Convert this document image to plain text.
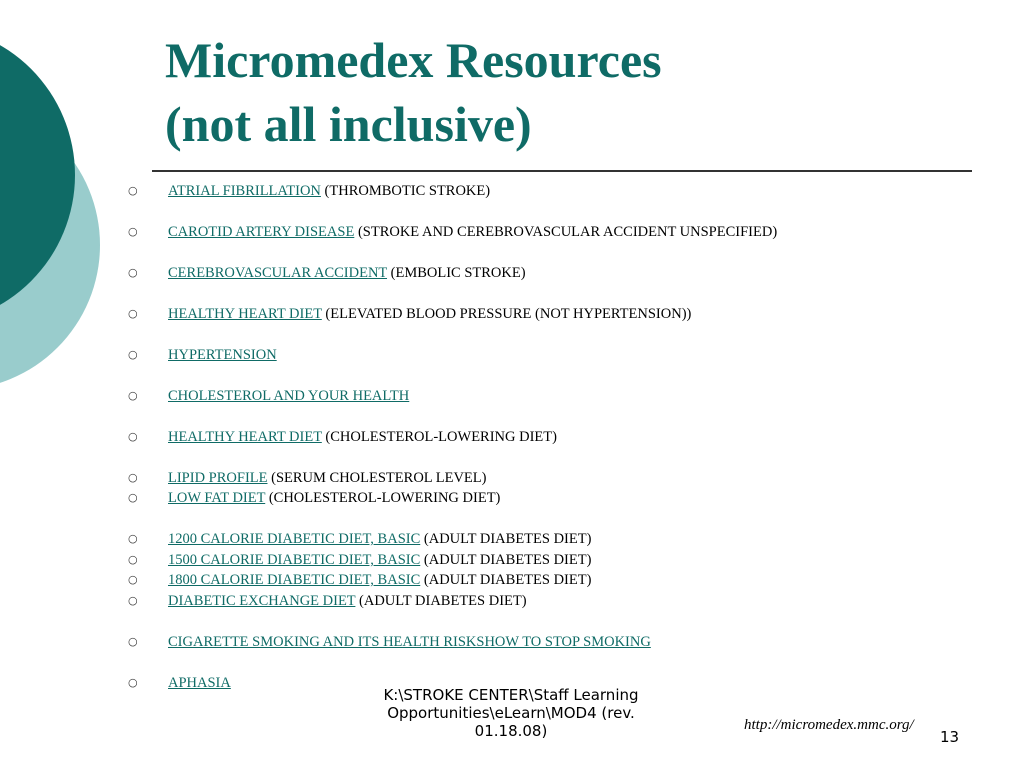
Micromedex Resources
(not all inclusive)
○ ATRIAL FIBRILLATION (THROMBOTIC STROKE)
○ CAROTID ARTERY DISEASE (STROKE AND CEREBROVASCULAR ACCIDENT UNSPECIFIED)
○ CEREBROVASCULAR ACCIDENT (EMBOLIC STROKE)
○ HEALTHY HEART DIET (ELEVATED BLOOD PRESSURE (NOT HYPERTENSION))
○ HYPERTENSION
○ CHOLESTEROL AND YOUR HEALTH
○ HEALTHY HEART DIET (CHOLESTEROL-LOWERING DIET)
○ LIPID PROFILE (SERUM CHOLESTEROL LEVEL)
○ LOW FAT DIET (CHOLESTEROL-LOWERING DIET)
○ 1200 CALORIE DIABETIC DIET, BASIC (ADULT DIABETES DIET)
○ 1500 CALORIE DIABETIC DIET, BASIC (ADULT DIABETES DIET)
○ 1800 CALORIE DIABETIC DIET, BASIC (ADULT DIABETES DIET)
○ DIABETIC EXCHANGE DIET (ADULT DIABETES DIET)
○ CIGARETTE SMOKING AND ITS HEALTH RISKSHOW TO STOP SMOKING
○ APHASIA
K:\STROKE CENTER\Staff Learning
Opportunities\eLearn\MOD4 (rev.
01.18.08)	http://micromedex.mmc.org/
13
